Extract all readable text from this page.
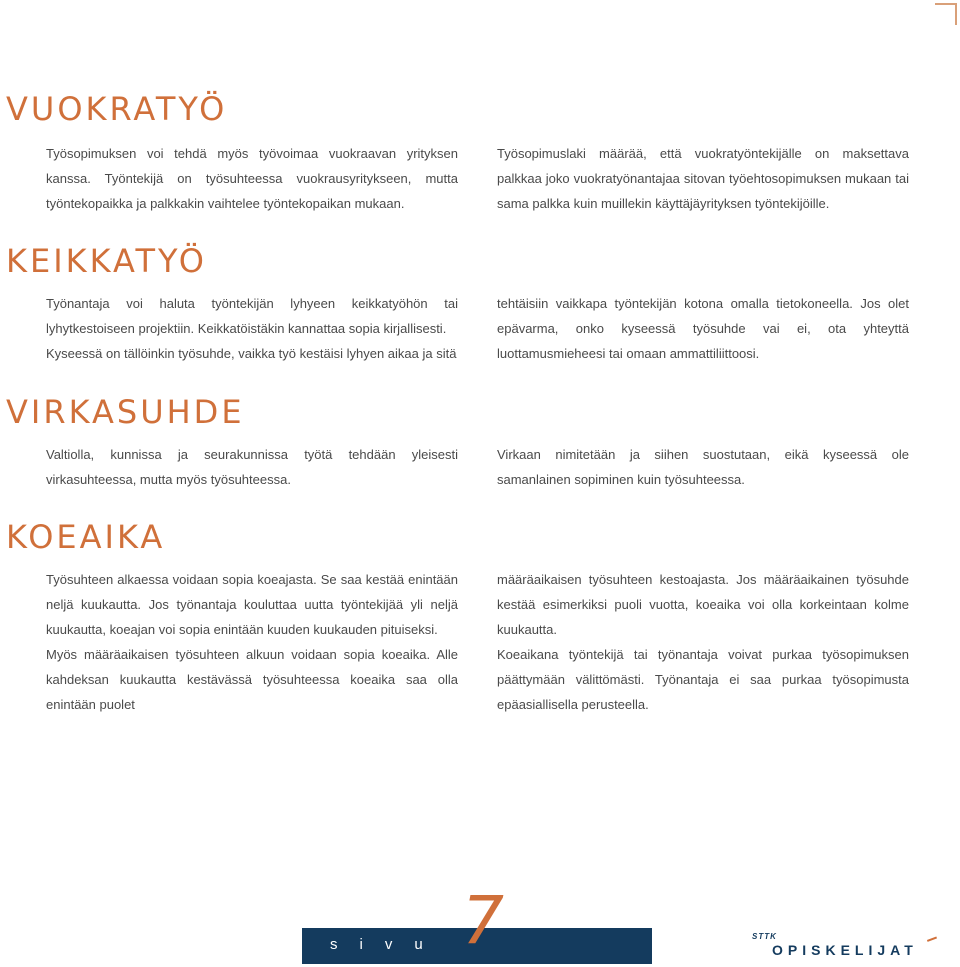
VUOKRATYÖ

Työsopimuksen voi tehdä myös työvoimaa vuokraavan yrityksen kanssa. Työntekijä on työsuhteessa vuokrausyritykseen, mutta työntekopaikka ja palkkakin vaihtelee työntekopaikan mukaan.

Työsopimuslaki määrää, että vuokratyöntekijälle on maksettava palkkaa joko vuokratyönantajaa sitovan työehtosopimuksen mukaan tai sama palkka kuin muillekin käyttäjäyrityksen työntekijöille.

KEIKKATYÖ

Työnantaja voi haluta työntekijän lyhyeen keikkatyöhön tai lyhytkestoiseen projektiin. Keikkatöistäkin kannattaa sopia kirjallisesti.

Kyseessä on tällöinkin työsuhde, vaikka työ kestäisi lyhyen aikaa ja sitä

tehtäisiin vaikkapa työntekijän kotona omalla tietokoneella. Jos olet epävarma, onko kyseessä työsuhde vai ei, ota yhteyttä luottamusmieheesi tai omaan ammattiliittoosi.

VIRKASUHDE

Valtiolla, kunnissa ja seurakunnissa työtä tehdään yleisesti virkasuhteessa, mutta myös työsuhteessa.

Virkaan nimitetään ja siihen suostutaan, eikä kyseessä ole samanlainen sopiminen kuin työsuhteessa.

KOEAIKA

Työsuhteen alkaessa voidaan sopia koeajasta. Se saa kestää enintään neljä kuukautta. Jos työnantaja kouluttaa uutta työntekijää yli neljä kuukautta, koeajan voi sopia enintään kuuden kuukauden pituiseksi.

Myös määräaikaisen työsuhteen alkuun voidaan sopia koeaika. Alle kahdeksan kuukautta kestävässä työsuhteessa koeaika saa olla enintään puolet

määräaikaisen työsuhteen kestoajasta. Jos määräaikainen työsuhde kestää esimerkiksi puoli vuotta, koeaika voi olla korkeintaan kolme kuukautta.

Koeaikana työntekijä tai työnantaja voivat purkaa työsopimuksen päättymään välittömästi. Työnantaja ei saa purkaa työsopimusta epäasiallisella perusteella.

sivu 7	STTK
OPISKELIJAT
